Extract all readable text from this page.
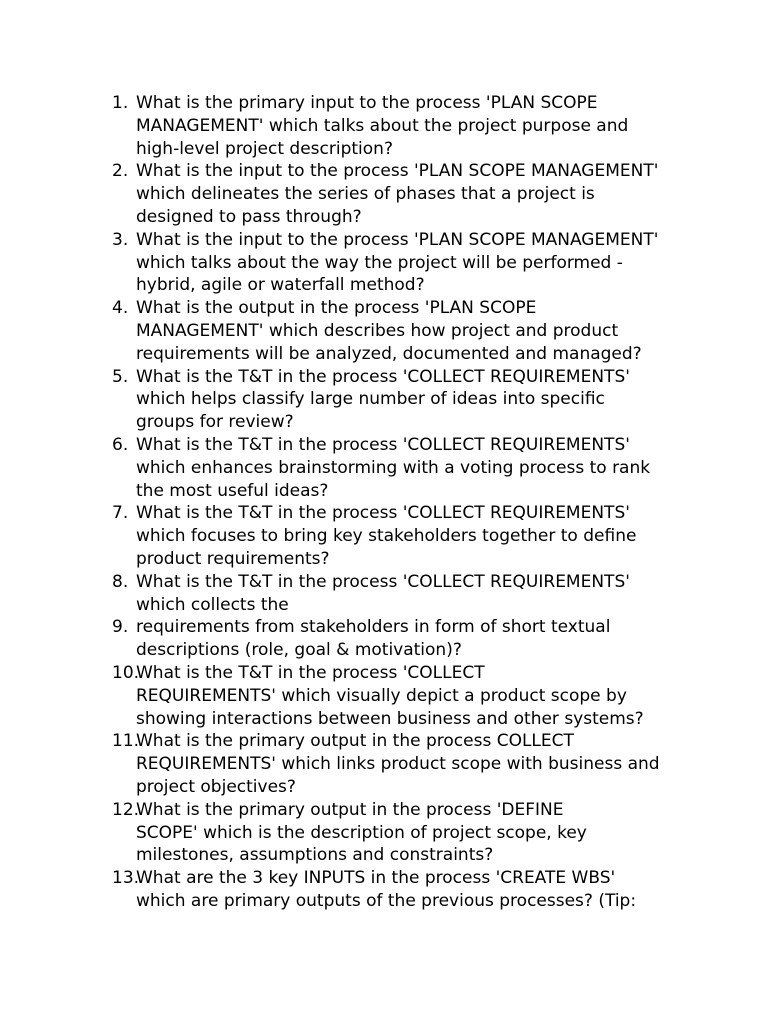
1. What is the primary input to the process 'PLAN SCOPE
MANAGEMENT' which talks about the project purpose and
high-level project description?
2. What is the input to the process 'PLAN SCOPE MANAGEMENT'
which delineates the series of phases that a project is
designed to pass through?
3. What is the input to the process 'PLAN SCOPE MANAGEMENT'
which talks about the way the project will be performed -
hybrid, agile or waterfall method?
4. What is the output in the process 'PLAN SCOPE
MANAGEMENT' which describes how project and product
requirements will be analyzed, documented and managed?
5. What is the T&T in the process 'COLLECT REQUIREMENTS'
which helps classify large number of ideas into specific
groups for review?
6. What is the T&T in the process 'COLLECT REQUIREMENTS'
which enhances brainstorming with a voting process to rank
the most useful ideas?
7. What is the T&T in the process 'COLLECT REQUIREMENTS'
which focuses to bring key stakeholders together to define
product requirements?
8. What is the T&T in the process 'COLLECT REQUIREMENTS'
which collects the
9. requirements from stakeholders in form of short textual
descriptions (role, goal & motivation)?
10.
What is the T&T in the process 'COLLECT
REQUIREMENTS' which visually depict a product scope by
showing interactions between business and other systems?
11.
What is the primary output in the process COLLECT
REQUIREMENTS' which links product scope with business and
project objectives?
12.
What is the primary output in the process 'DEFINE
SCOPE' which is the description of project scope, key
milestones, assumptions and constraints?
13.
What are the 3 key INPUTS in the process 'CREATE WBS'
which are primary outputs of the previous processes? (Tip:
